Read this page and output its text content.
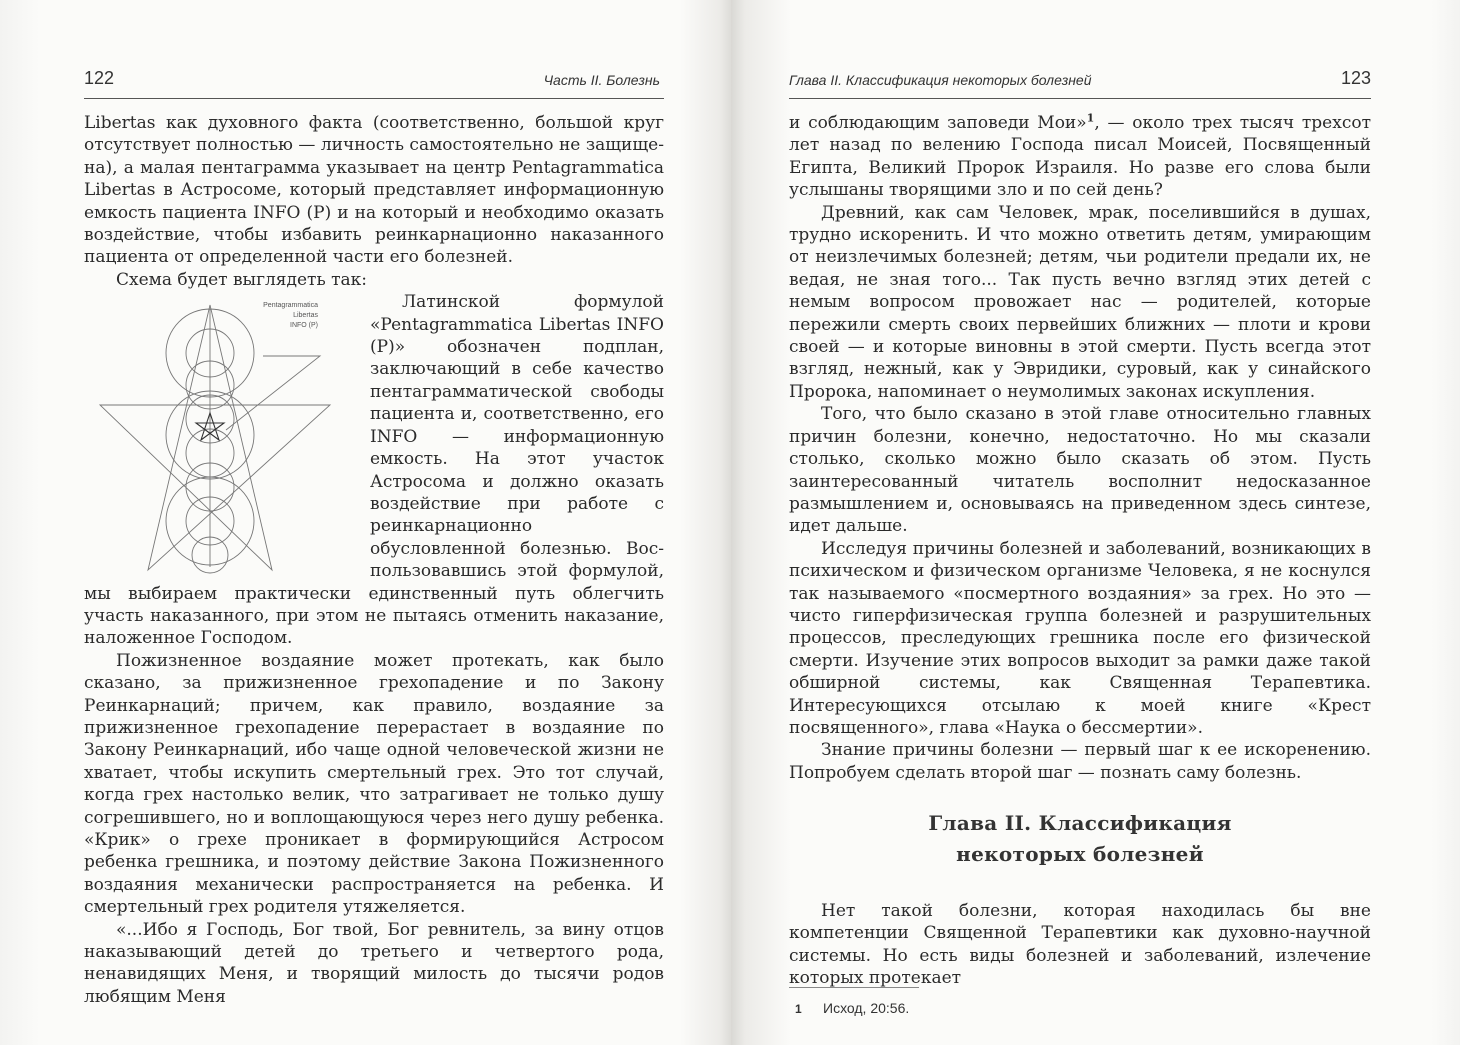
122	Часть II. Болезнь

Libertas как духовного факта (соответственно, большой круг отсутствует полностью — личность самостоятельно не защищена), а малая пентаграмма указывает на центр Pentagrammatica Libertas в Астросоме, который представляет информационную емкость пациента INFO (P) и на который и необходимо оказать воздействие, чтобы избавить реинкарнационно наказанного пациента от определенной части его болезней.

Схема будет выглядеть так:

Pentagrammatica
Libertas
INFO (P)

Латинской формулой «Pentagrammatica Libertas INFO (P)» обозначен подплан, заключающий в себе качество пентаграмматической свободы пациента и, соответственно, его INFO — информационную емкость. На этот участок Астросома и должно оказать воздействие при работе с реинкарнационно обусловленной болезнью. Воспользовавшись этой формулой, мы выбираем практически единственный путь облегчить участь наказанного, при этом не пытаясь отменить наказание, наложенное Господом.

Пожизненное воздаяние может протекать, как было сказано, за прижизненное грехопадение и по Закону Реинкарнаций; причем, как правило, воздаяние за прижизненное грехопадение перерастает в воздаяние по Закону Реинкарнаций, ибо чаще одной человеческой жизни не хватает, чтобы искупить смертельный грех. Это тот случай, когда грех настолько велик, что затрагивает не только душу согрешившего, но и воплощающуюся через него душу ребенка. «Крик» о грехе проникает в формирующийся Астросом ребенка грешника, и поэтому действие Закона Пожизненного воздаяния механически распространяется на ребенка. И смертельный грех родителя утяжеляется.

«...Ибо я Господь, Бог твой, Бог ревнитель, за вину отцов наказывающий детей до третьего и четвертого рода, ненавидящих Меня, и творящий милость до тысячи родов любящим Меня

Глава II. Классификация некоторых болезней	123

и соблюдающим заповеди Мои»$^1$, — около трех тысяч трехсот лет назад по велению Господа писал Моисей, Посвященный Египта, Великий Пророк Израиля. Но разве его слова были услышаны творящими зло и по сей день?

Древний, как сам Человек, мрак, поселившийся в душах, трудно искоренить. И что можно ответить детям, умирающим от неизлечимых болезней; детям, чьи родители предали их, не ведая, не зная того... Так пусть вечно взгляд этих детей с немым вопросом провожает нас — родителей, которые пережили смерть своих первейших ближних — плоти и крови своей — и которые виновны в этой смерти. Пусть всегда этот взгляд, нежный, как у Эвридики, суровый, как у синайского Пророка, напоминает о неумолимых законах искупления.

Того, что было сказано в этой главе относительно главных причин болезни, конечно, недостаточно. Но мы сказали столько, сколько можно было сказать об этом. Пусть заинтересованный читатель восполнит недосказанное размышлением и, основываясь на приведенном здесь синтезе, идет дальше.

Исследуя причины болезней и заболеваний, возникающих в психическом и физическом организме Человека, я не коснулся так называемого «посмертного воздаяния» за грех. Но это — чисто гиперфизическая группа болезней и разрушительных процессов, преследующих грешника после его физической смерти. Изучение этих вопросов выходит за рамки даже такой обширной системы, как Священная Терапевтика. Интересующихся отсылаю к моей книге «Крест посвященного», глава «Наука о бессмертии».

Знание причины болезни — первый шаг к ее искоренению. Попробуем сделать второй шаг — познать саму болезнь.

Глава II. Классификация
некоторых болезней

Нет такой болезни, которая находилась бы вне компетенции Священной Терапевтики как духовно-научной системы. Но есть виды болезней и заболеваний, излечение которых протекает

1 Исход, 20:56.
